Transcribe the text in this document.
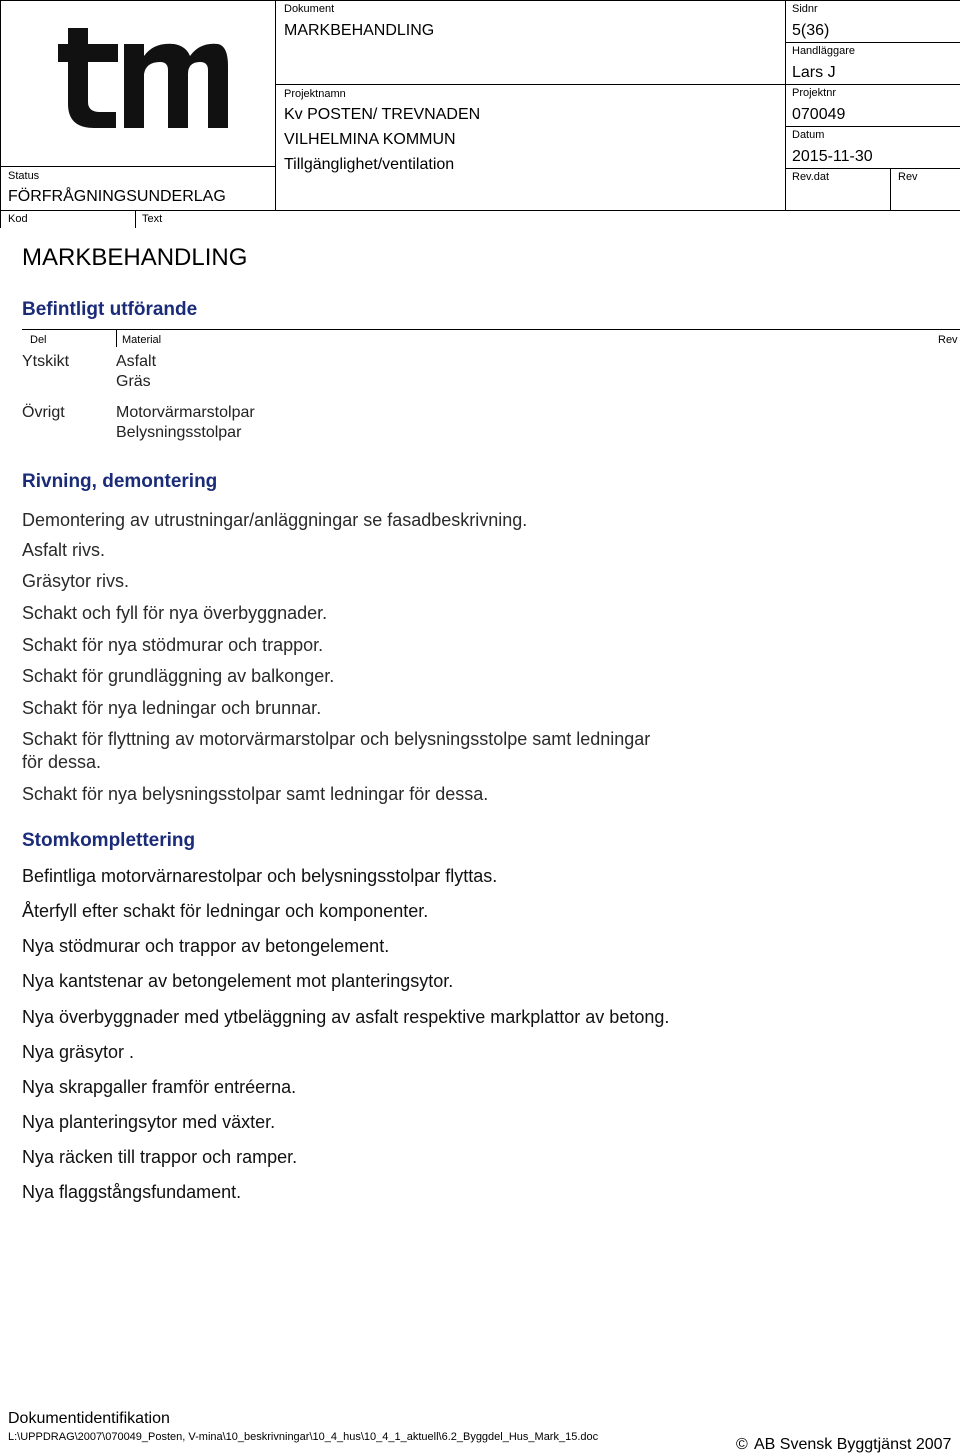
Status
FÖRFRÅGNINGSUNDERLAG
Kod	Text
Dokument
MARKBEHANDLING
Projektnamn
Kv POSTEN/ TREVNADEN
VILHELMINA KOMMUN
Tillgänglighet/ventilation
Sidnr
5(36)
Handläggare
Lars J
Projektnr
070049
Datum
2015-11-30
Rev.dat	Rev
MARKBEHANDLING
Befintligt utförande
Del	Material	Rev
Ytskikt	Asfalt
Gräs
Övrigt	Motorvärmarstolpar
Belysningsstolpar
Rivning, demontering
Demontering av utrustningar/anläggningar se fasadbeskrivning.
Asfalt rivs.
Gräsytor rivs.
Schakt och fyll för nya överbyggnader.
Schakt för nya stödmurar och trappor.
Schakt för grundläggning av balkonger.
Schakt för nya ledningar och brunnar.
Schakt för flyttning av motorvärmarstolpar och belysningsstolpe samt ledningar
för dessa.
Schakt för nya belysningsstolpar samt ledningar för dessa.
Stomkomplettering
Befintliga motorvärnarestolpar och belysningsstolpar flyttas.
Återfyll efter schakt för ledningar och komponenter.
Nya stödmurar och trappor av betongelement.
Nya kantstenar av betongelement mot planteringsytor.
Nya överbyggnader med ytbeläggning av asfalt respektive markplattor av betong.
Nya gräsytor .
Nya skrapgaller framför entréerna.
Nya planteringsytor med växter.
Nya räcken till trappor och ramper.
Nya flaggstångsfundament.
Dokumentidentifikation
L:\UPPDRAG\2007\070049_Posten, V-mina\10_beskrivningar\10_4_hus\10_4_1_aktuell\6.2_Byggdel_Hus_Mark_15.doc	© AB Svensk Byggtjänst 2007
